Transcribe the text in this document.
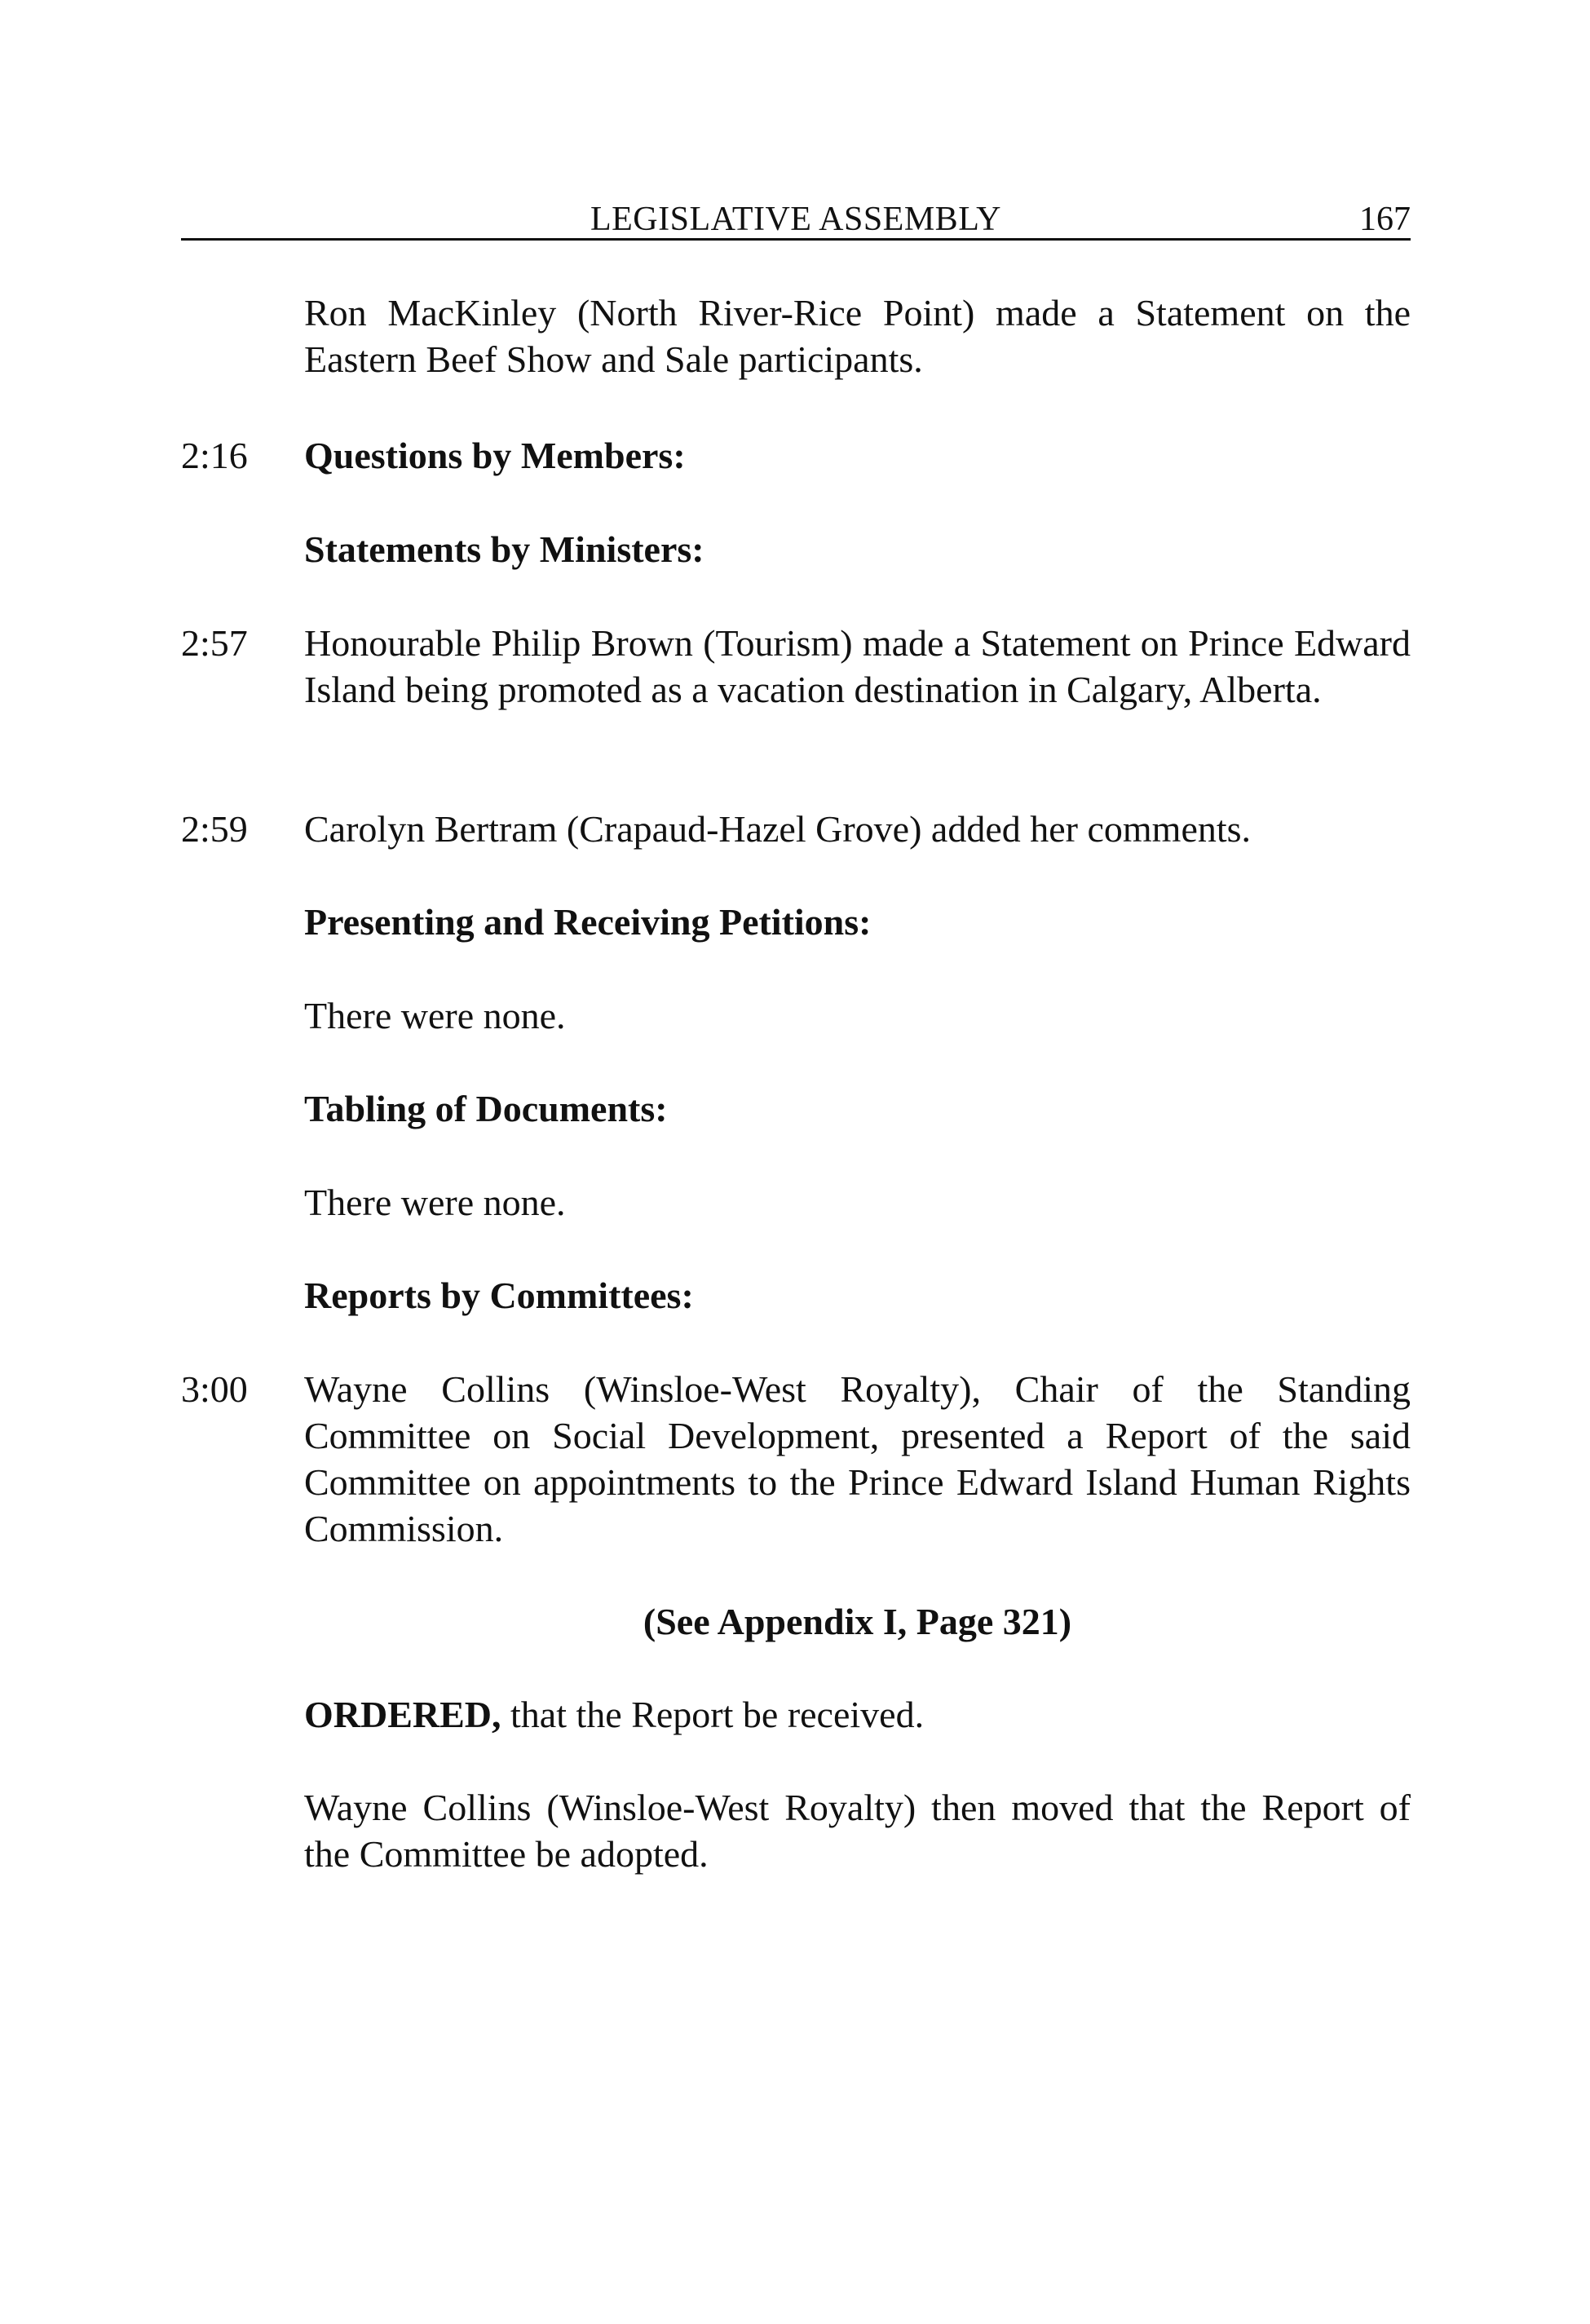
LEGISLATIVE ASSEMBLY	167
Ron MacKinley (North River-Rice Point) made a Statement on the Eastern Beef Show and Sale participants.
2:16 Questions by Members:
Statements by Ministers:
2:57 Honourable Philip Brown (Tourism) made a Statement on Prince Edward Island being promoted as a vacation destination in Calgary, Alberta.
2:59 Carolyn Bertram (Crapaud-Hazel Grove) added her comments.
Presenting and Receiving Petitions:
There were none.
Tabling of Documents:
There were none.
Reports by Committees:
3:00 Wayne Collins (Winsloe-West Royalty), Chair of the Standing Committee on Social Development, presented a Report of the said Committee on appointments to the Prince Edward Island Human Rights Commission.
(See Appendix I, Page 321)
ORDERED, that the Report be received.
Wayne Collins (Winsloe-West Royalty) then moved that the Report of the Committee be adopted.
